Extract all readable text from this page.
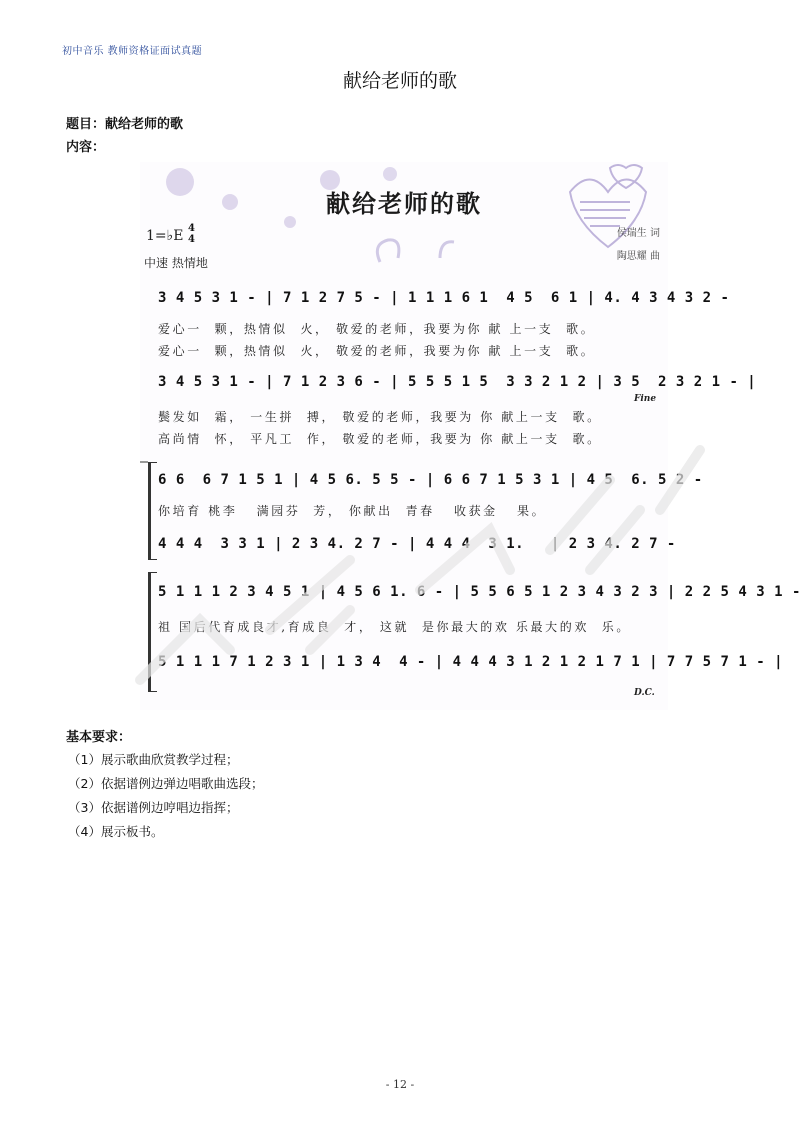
初中音乐 教师资格证面试真题
献给老师的歌
题目：献给老师的歌
内容：
献给老师的歌
1=♭E 4
4
中速 热情地
侯瑞生 词
陶思耀 曲
3 4 5 3 1 - | 7 1 2 7 5 - | 1 1 1 6 1  4 5  6 1 | 4. 4 3 4 3 2 -
爱心一  颗，热情似  火， 敬爱的老师，我要为你 献 上一支  歌。
爱心一  颗，热情似  火， 敬爱的老师，我要为你 献 上一支  歌。
3 4 5 3 1 - | 7 1 2 3 6 - | 5 5 5 1 5  3 3 2 1 2 | 3 5  2 3 2 1 - |
Fine
鬓发如  霜， 一生拼  搏， 敬爱的老师，我要为 你 献上一支  歌。
高尚情  怀， 平凡工  作， 敬爱的老师，我要为 你 献上一支  歌。
6 6  6 7 1 5 1 | 4 5 6. 5 5 - | 6 6 7 1 5 3 1 | 4 5  6. 5 2 -
你培育 桃李   满园芬  芳， 你献出  青春   收获金   果。
4 4 4  3 3 1 | 2 3 4. 2 7 - | 4 4 4  3 1.   | 2 3 4. 2 7 -
5 1 1 1 2 3 4 5 1 | 4 5 6 1. 6 - | 5 5 6 5 1 2 3 4 3 2 3 | 2 2 5 4 3 1 -
祖 国后代育成良才,育成良  才， 这就  是你最大的欢 乐最大的欢  乐。
5 1 1 1 7 1 2 3 1 | 1 3 4  4 - | 4 4 4 3 1 2 1 2 1 7 1 | 7 7 5 7 1 - |
D.C.
基本要求：
（1）展示歌曲欣赏教学过程；
（2）依据谱例边弹边唱歌曲选段；
（3）依据谱例边哼唱边指挥；
（4）展示板书。
- 12 -
